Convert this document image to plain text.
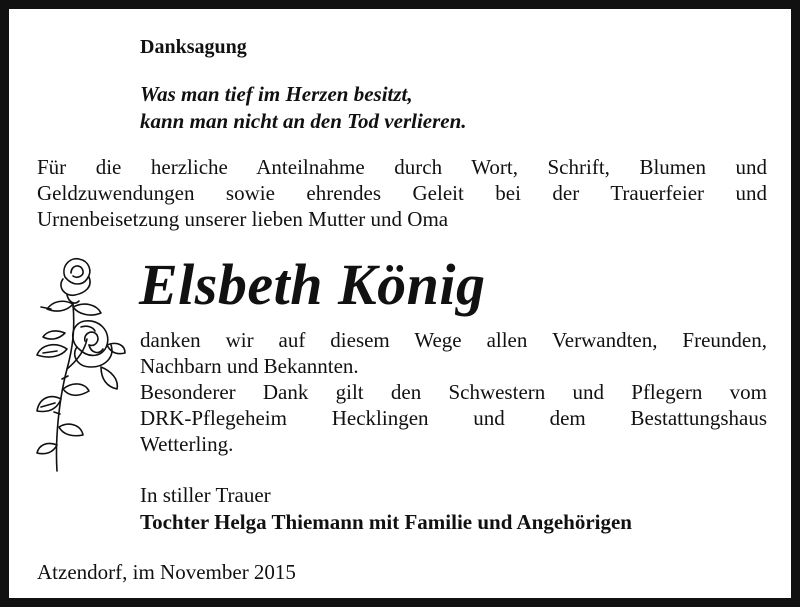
Danksagung
Was man tief im Herzen besitzt,
kann man nicht an den Tod verlieren.
Für die herzliche Anteilnahme durch Wort, Schrift, Blumen und
Geldzuwendungen sowie ehrendes Geleit bei der Trauerfeier und
Urnenbeisetzung unserer lieben Mutter und Oma
Elsbeth König
danken wir auf diesem Wege allen Verwandten, Freunden,
Nachbarn und Bekannten.
Besonderer Dank gilt den Schwestern und Pflegern vom
DRK-Pflegeheim Hecklingen und dem Bestattungshaus
Wetterling.
In stiller Trauer
Tochter Helga Thiemann mit Familie und Angehörigen
Atzendorf, im November 2015
